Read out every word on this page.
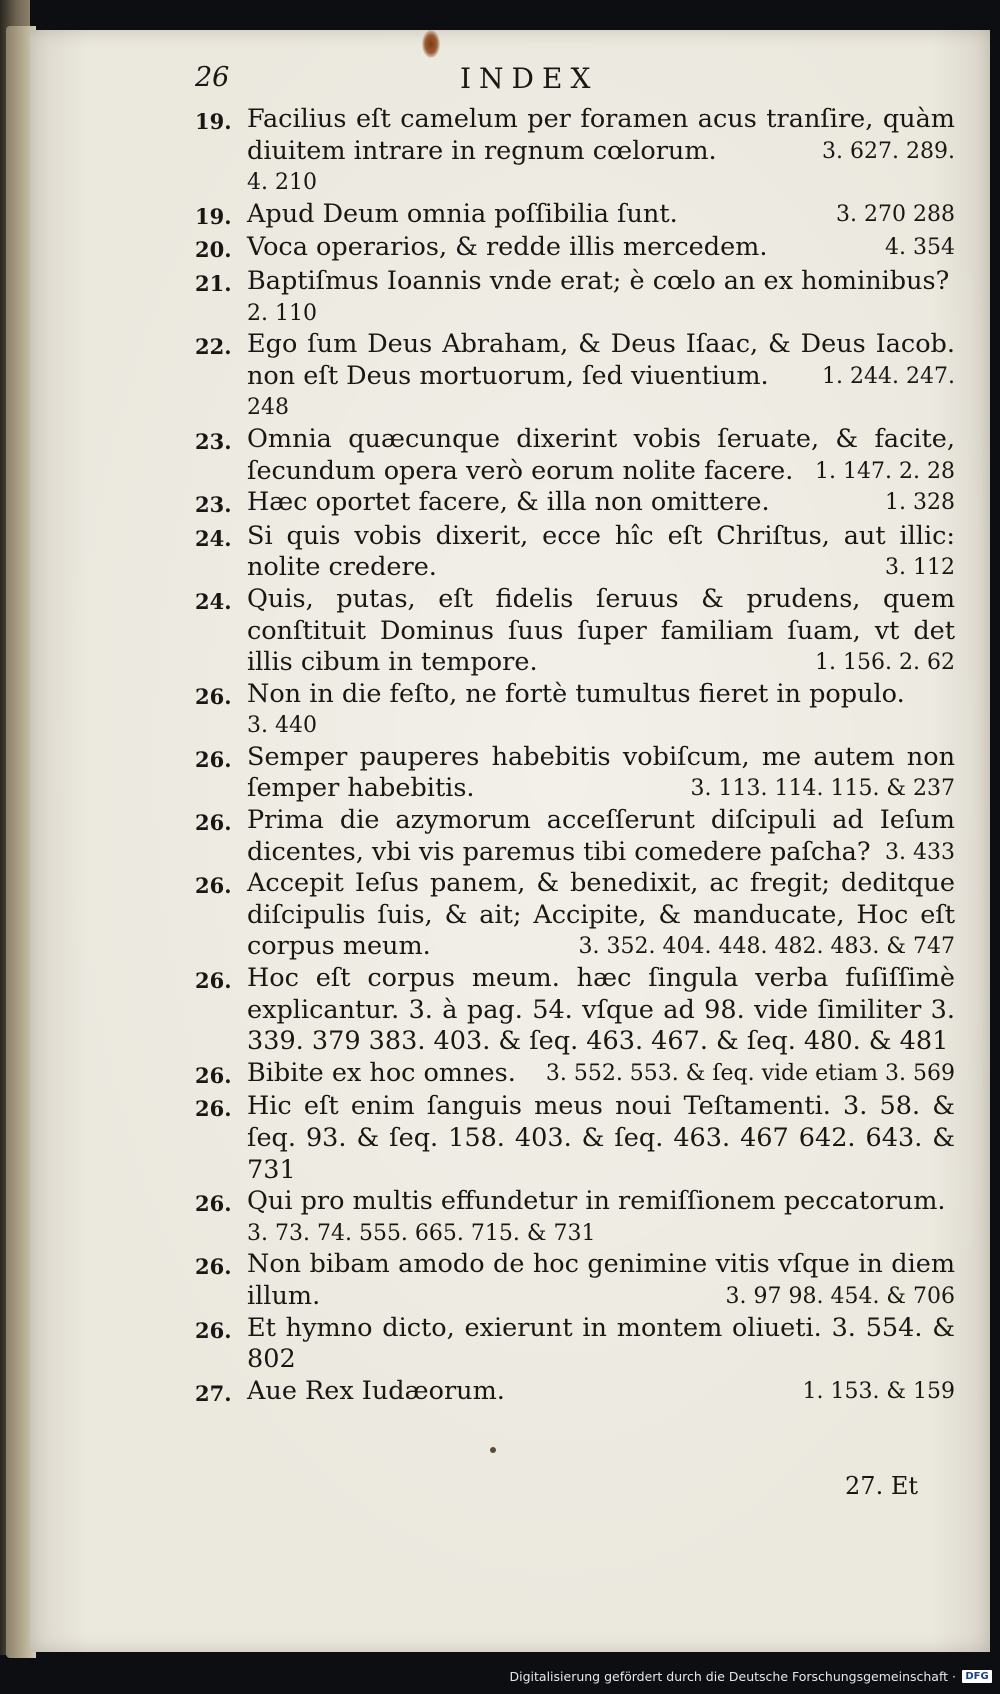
26	INDEX
19. Facilius eſt camelum per foramen acus tranſire, quàm diuitem intrare in regnum cœlorum.	3. 627. 289.
4. 210
19. Apud Deum omnia poſſibilia ſunt.	3. 270 288
20. Voca operarios, & redde illis mercedem.	4. 354
21. Baptiſmus Ioannis vnde erat; è cœlo an ex hominibus?
2. 110
22. Ego ſum Deus Abraham, & Deus Iſaac, & Deus Iacob. non eſt Deus mortuorum, ſed viuentium. 1. 244. 247.
248
23. Omnia quæcunque dixerint vobis ſeruate, & facite, ſecundum opera verò eorum nolite facere. 1. 147. 2. 28
23. Hæc oportet facere, & illa non omittere.	1. 328
24. Si quis vobis dixerit, ecce hîc eſt Chriſtus, aut illic: nolite credere.	3. 112
24. Quis, putas, eſt fidelis ſeruus & prudens, quem conſtituit Dominus ſuus ſuper familiam ſuam, vt det illis cibum in tempore.	1. 156. 2. 62
26. Non in die feſto, ne fortè tumultus fieret in populo.
3. 440
26. Semper pauperes habebitis vobiſcum, me autem non ſemper habebitis.	3. 113. 114. 115. & 237
26. Prima die azymorum acceſſerunt diſcipuli ad Ieſum dicentes, vbi vis paremus tibi comedere paſcha? 3. 433
26. Accepit Ieſus panem, & benedixit, ac fregit; deditque diſcipulis ſuis, & ait; Accipite, & manducate, Hoc eſt corpus meum.	3. 352. 404. 448. 482. 483. & 747
26. Hoc eſt corpus meum. hæc ſingula verba fuſiſſimè explicantur. 3. à pag. 54. vſque ad 98. vide ſimiliter 3. 339. 379 383. 403. & ſeq. 463. 467. & ſeq. 480. & 481
26. Bibite ex hoc omnes. 3. 552. 553. & ſeq. vide etiam 3. 569
26. Hic eſt enim ſanguis meus noui Teſtamenti. 3. 58. & ſeq. 93. & ſeq. 158. 403. & ſeq. 463. 467 642. 643. & 731
26. Qui pro multis effundetur in remiſſionem peccatorum.
3. 73. 74. 555. 665. 715. & 731
26. Non bibam amodo de hoc genimine vitis vſque in diem illum.	3. 97 98. 454. & 706
26. Et hymno dicto, exierunt in montem oliueti. 3. 554. & 802
27. Aue Rex Iudæorum.	1. 153. & 159
27. Et
Digitalisierung gefördert durch die Deutsche Forschungsgemeinschaft · DFG
